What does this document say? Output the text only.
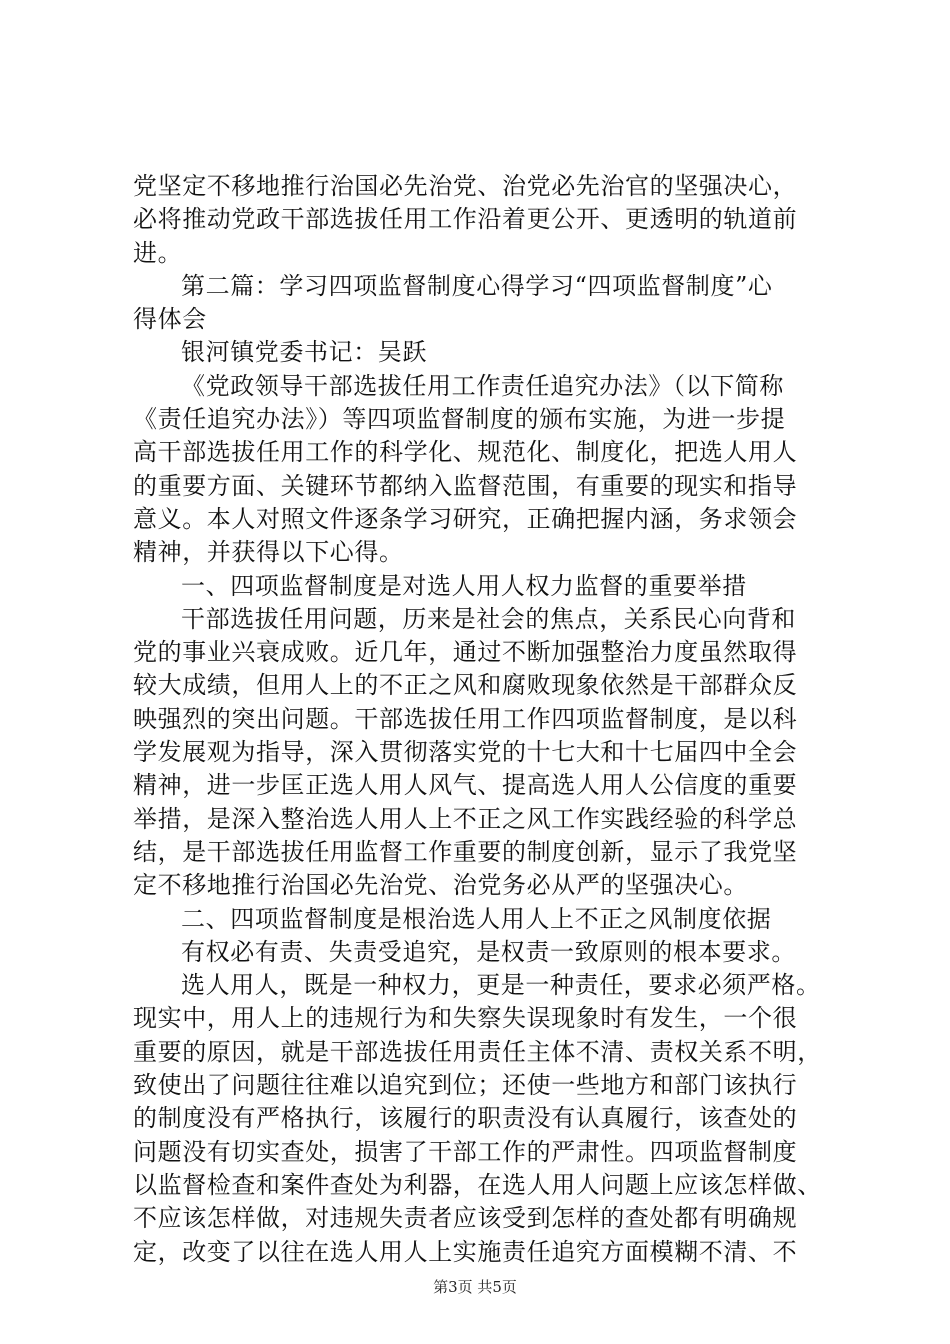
党坚定不移地推行治国必先治党、治党必先治官的坚强决心，
必将推动党政干部选拔任用工作沿着更公开、更透明的轨道前
进。
第二篇：学习四项监督制度心得学习“四项监督制度”心
得体会
银河镇党委书记：吴跃
《党政领导干部选拔任用工作责任追究办法》（以下简称
《责任追究办法》）等四项监督制度的颁布实施，为进一步提
高干部选拔任用工作的科学化、规范化、制度化，把选人用人
的重要方面、关键环节都纳入监督范围，有重要的现实和指导
意义。本人对照文件逐条学习研究，正确把握内涵，务求领会
精神，并获得以下心得。
一、四项监督制度是对选人用人权力监督的重要举措
干部选拔任用问题，历来是社会的焦点，关系民心向背和
党的事业兴衰成败。近几年，通过不断加强整治力度虽然取得
较大成绩，但用人上的不正之风和腐败现象依然是干部群众反
映强烈的突出问题。干部选拔任用工作四项监督制度，是以科
学发展观为指导，深入贯彻落实党的十七大和十七届四中全会
精神，进一步匡正选人用人风气、提高选人用人公信度的重要
举措，是深入整治选人用人上不正之风工作实践经验的科学总
结，是干部选拔任用监督工作重要的制度创新，显示了我党坚
定不移地推行治国必先治党、治党务必从严的坚强决心。
二、四项监督制度是根治选人用人上不正之风制度依据
有权必有责、失责受追究，是权责一致原则的根本要求。
选人用人，既是一种权力，更是一种责任，要求必须严格。
现实中，用人上的违规行为和失察失误现象时有发生，一个很
重要的原因，就是干部选拔任用责任主体不清、责权关系不明，
致使出了问题往往难以追究到位；还使一些地方和部门该执行
的制度没有严格执行，该履行的职责没有认真履行，该查处的
问题没有切实查处，损害了干部工作的严肃性。四项监督制度
以监督检查和案件查处为利器，在选人用人问题上应该怎样做、
不应该怎样做，对违规失责者应该受到怎样的查处都有明确规
定，改变了以往在选人用人上实施责任追究方面模糊不清、不
第3页 共5页
